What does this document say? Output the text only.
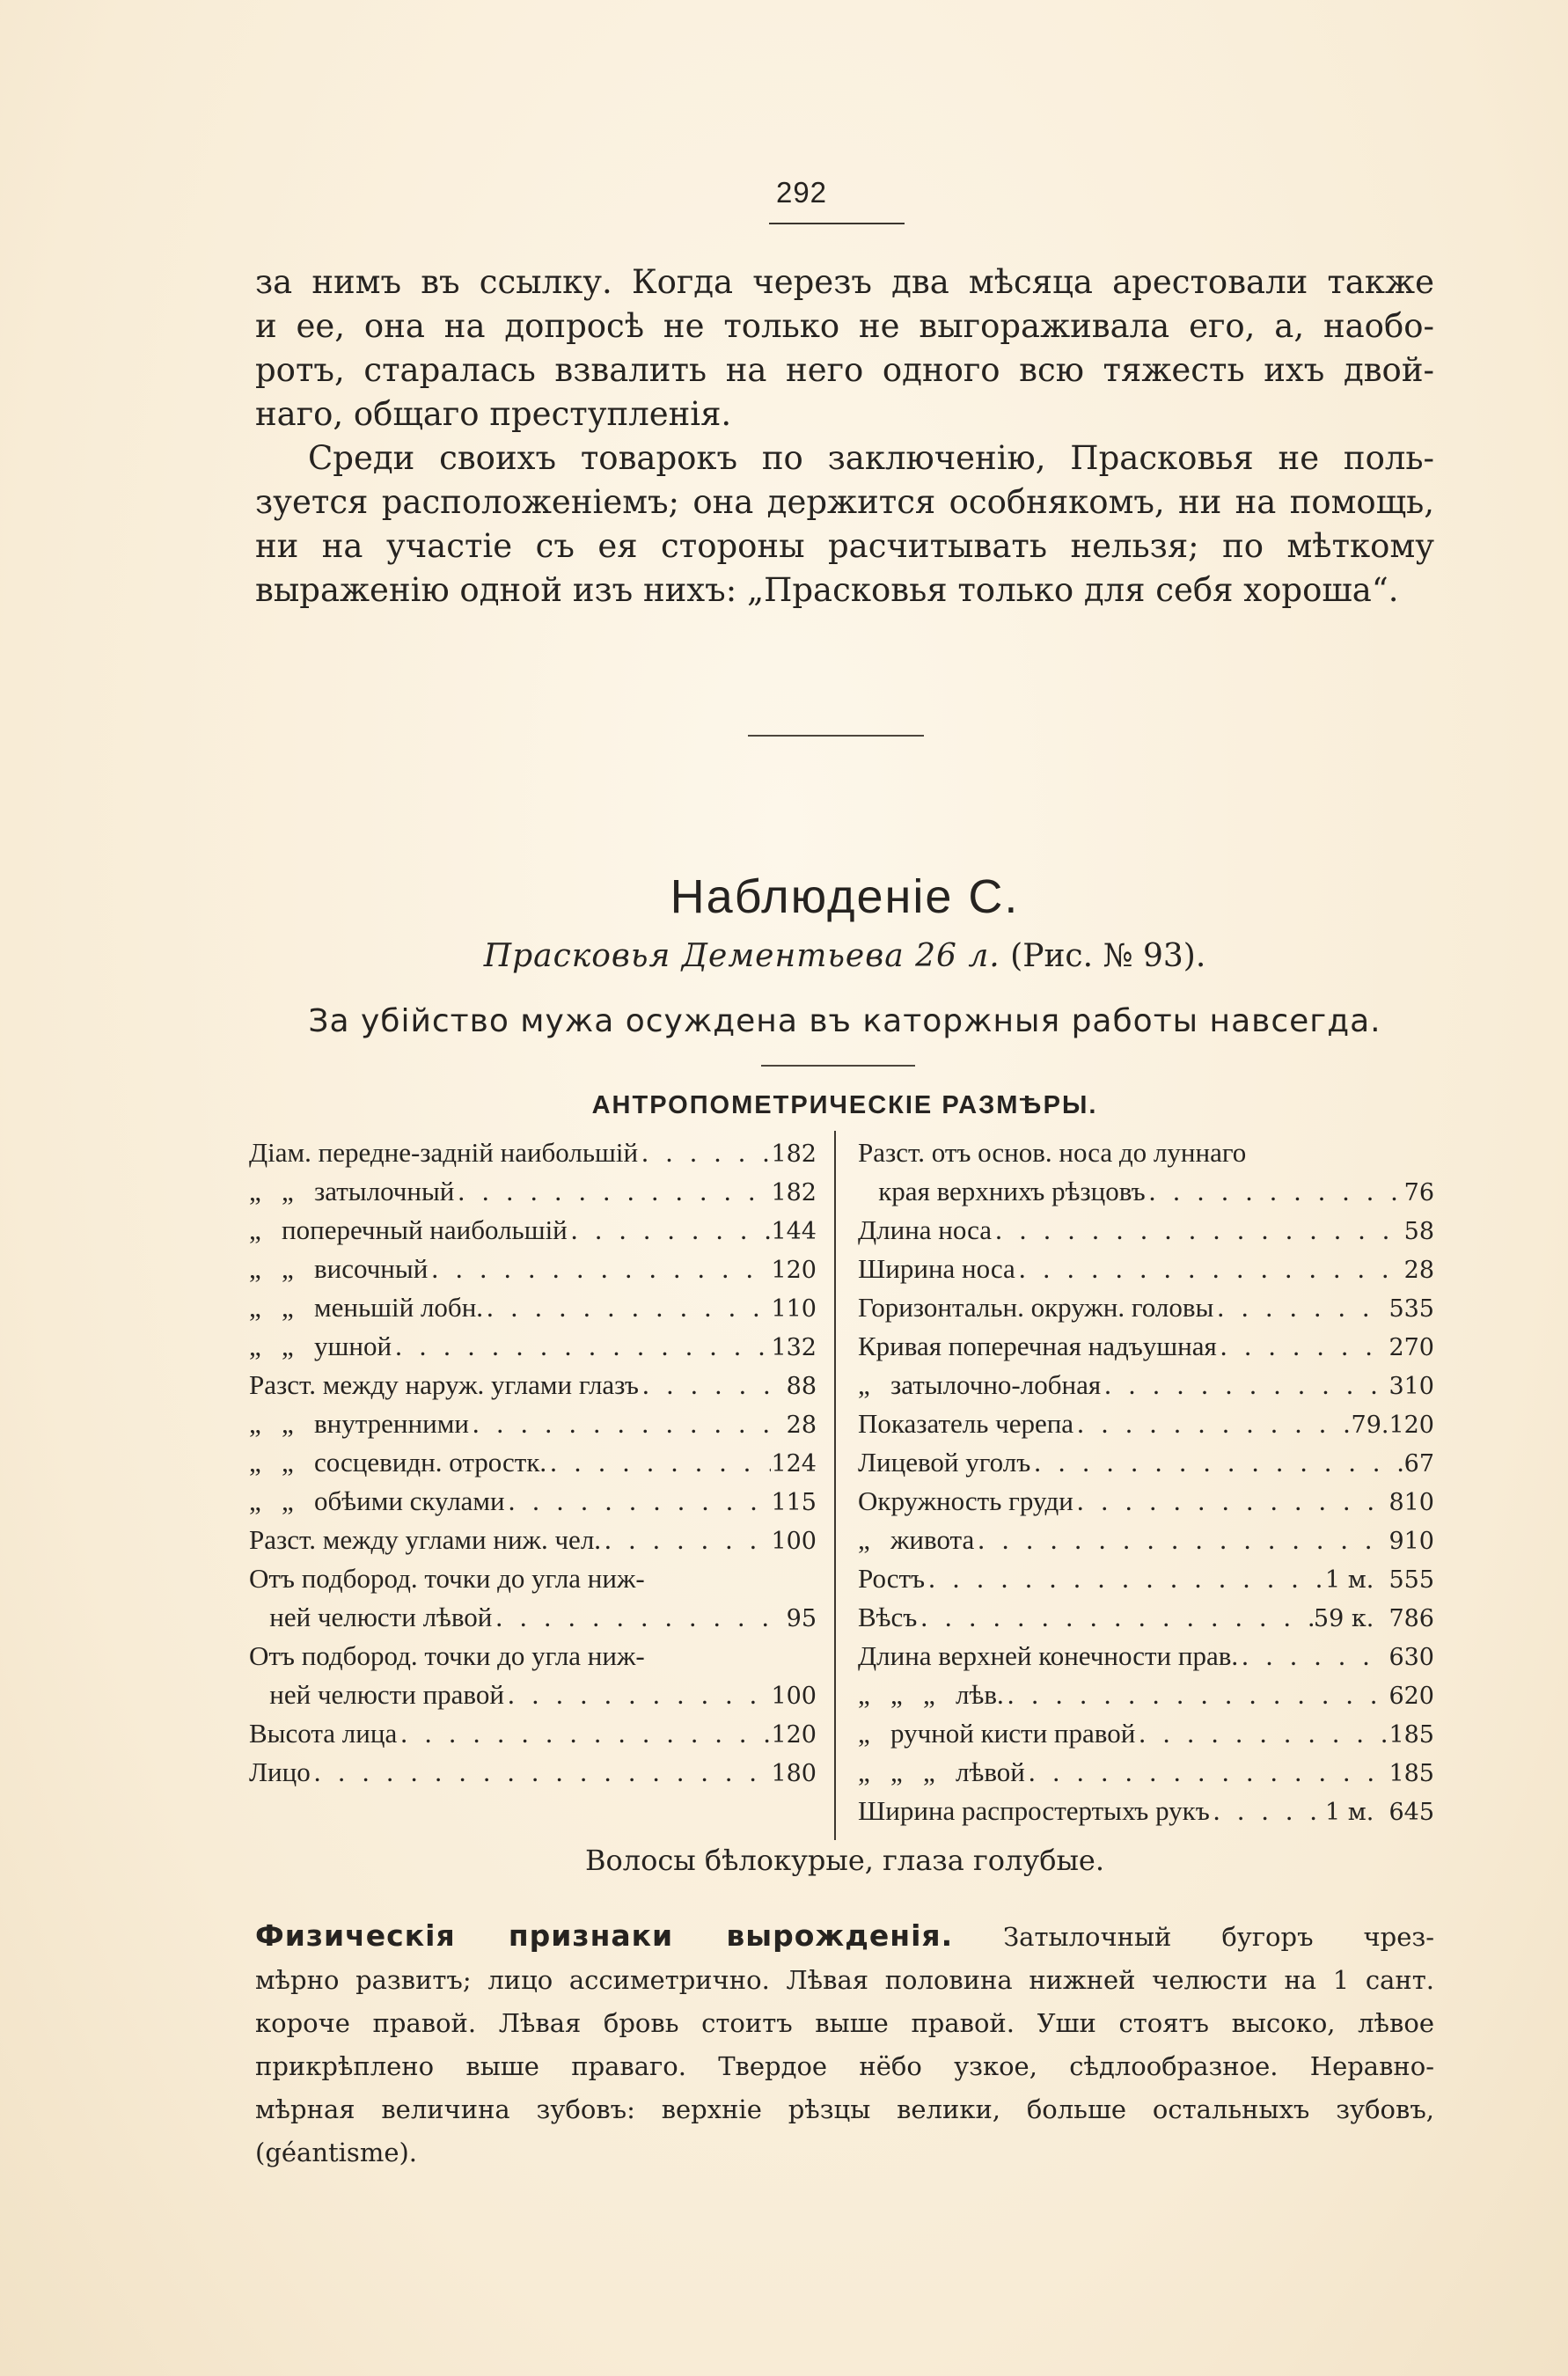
292
за нимъ въ ссылку. Когда черезъ два мѣсяца арестовали также
и ее, она на допросѣ не только не выгораживала его, а, наобо-
ротъ, старалась взвалить на него одного всю тяжесть ихъ двой-
наго, общаго преступленія.
Среди своихъ товарокъ по заключенію, Прасковья не поль-
зуется расположеніемъ; она держится особнякомъ, ни на помощь,
ни на участіе съ ея стороны расчитывать нельзя; по мѣткому
выраженію одной изъ нихъ: „Прасковья только для себя хороша“.
Наблюденіе С.
Прасковья Дементьева 26 л. (Рис. № 93).
За убійство мужа осуждена въ каторжныя работы навсегда.
АНТРОПОМЕТРИЧЕСКІЕ РАЗМѢРЫ.
Діам. передне-задній наибольшій . . .	182
„   „   затылочный . . .	182
„   поперечный наибольшій . . .	144
„   „   височный . . .	120
„   „   меньшій лобн. . . .	110
„   „   ушной . . .	132
Разст. между наруж. углами глазъ . . .	88
„   „   внутренними . . .	28
„   „   сосцевидн. отростк. . . .	124
„   „   обѣими скулами . . .	115
Разст. между углами ниж. чел. . . .	100
Отъ подбород. точки до угла ниж-
ней челюсти лѣвой . . .	95
Отъ подбород. точки до угла ниж-
ней челюсти правой . . .	100
Высота лица . . .	120
Лицо . . .	180
Разст. отъ основ. носа до луннаго
края верхнихъ рѣзцовъ . . .	76
Длина носа . . .	58
Ширина носа . . .	28
Горизонтальн. окружн. головы . . .	535
Кривая поперечная надъушная . . .	270
„   затылочно-лобная . . .	310
Показатель черепа . . .	79.120
Лицевой уголъ . . .	67
Окружность груди . . .	810
„   живота . . .	910
Ростъ . . .	1 м.  555
Вѣсъ . . .	59 к.  786
Длина верхней конечности прав. . . .	630
„   „   „   лѣв. . . .	620
„   ручной кисти правой . . .	185
„   „   „   лѣвой . . .	185
Ширина распростертыхъ рукъ . . .	1 м.  645
Волосы бѣлокурые, глаза голубые.
Физическія признаки вырожденія. Затылочный бугоръ чрез-
мѣрно развитъ; лицо ассиметрично. Лѣвая половина нижней челюсти на 1 сант.
короче правой. Лѣвая бровь стоитъ выше правой. Уши стоятъ высоко, лѣвое
прикрѣплено выше праваго. Твердое нёбо узкое, сѣдлообразное. Неравно-
мѣрная величина зубовъ: верхніе рѣзцы велики, больше остальныхъ зубовъ,
(géantisme).
